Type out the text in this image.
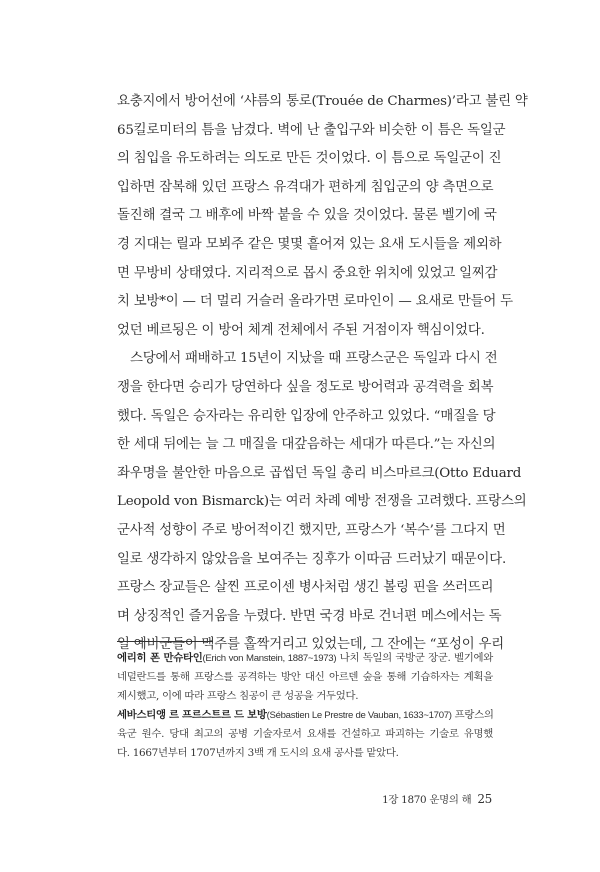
요충지에서 방어선에 ‘샤름의 통로(Trouée de Charmes)’라고 불린 약
65킬로미터의 틈을 남겼다. 벽에 난 출입구와 비슷한 이 틈은 독일군
의 침입을 유도하려는 의도로 만든 것이었다. 이 틈으로 독일군이 진
입하면 잠복해 있던 프랑스 유격대가 편하게 침입군의 양 측면으로
돌진해 결국 그 배후에 바짝 붙을 수 있을 것이었다. 물론 벨기에 국
경 지대는 릴과 모뵈주 같은 몇몇 흩어져 있는 요새 도시들을 제외하
면 무방비 상태였다. 지리적으로 몹시 중요한 위치에 있었고 일찌감
치 보방*이 — 더 멀리 거슬러 올라가면 로마인이 — 요새로 만들어 두
었던 베르됭은 이 방어 체계 전체에서 주된 거점이자 핵심이었다.
스당에서 패배하고 15년이 지났을 때 프랑스군은 독일과 다시 전
쟁을 한다면 승리가 당연하다 싶을 정도로 방어력과 공격력을 회복
했다. 독일은 승자라는 유리한 입장에 안주하고 있었다. “매질을 당
한 세대 뒤에는 늘 그 매질을 대갚음하는 세대가 따른다.”는 자신의
좌우명을 불안한 마음으로 곱씹던 독일 총리 비스마르크(Otto Eduard
Leopold von Bismarck)는 여러 차례 예방 전쟁을 고려했다. 프랑스의
군사적 성향이 주로 방어적이긴 했지만, 프랑스가 ‘복수’를 그다지 먼
일로 생각하지 않았음을 보여주는 징후가 이따금 드러났기 때문이다.
프랑스 장교들은 살찐 프로이센 병사처럼 생긴 볼링 핀을 쓰러뜨리
며 상징적인 즐거움을 누렸다. 반면 국경 바로 건너편 메스에서는 독
일 예비군들이 맥주를 홀짝거리고 있었는데, 그 잔에는 “포성이 우리
에리히 폰 만슈타인(Erich von Manstein, 1887~1973) 나치 독일의 국방군 장군. 벨기에와
네덜란드를 통해 프랑스를 공격하는 방안 대신 아르덴 숲을 통해 기습하자는 계획을
제시했고, 이에 따라 프랑스 침공이 큰 성공을 거두었다.
세바스티앵 르 프르스트르 드 보방(Sébastien Le Prestre de Vauban, 1633~1707) 프랑스의
육군 원수. 당대 최고의 공병 기술자로서 요새를 건설하고 파괴하는 기술로 유명했
다. 1667년부터 1707년까지 3백 개 도시의 요새 공사를 맡았다.
1장 1870 운명의 해 25
